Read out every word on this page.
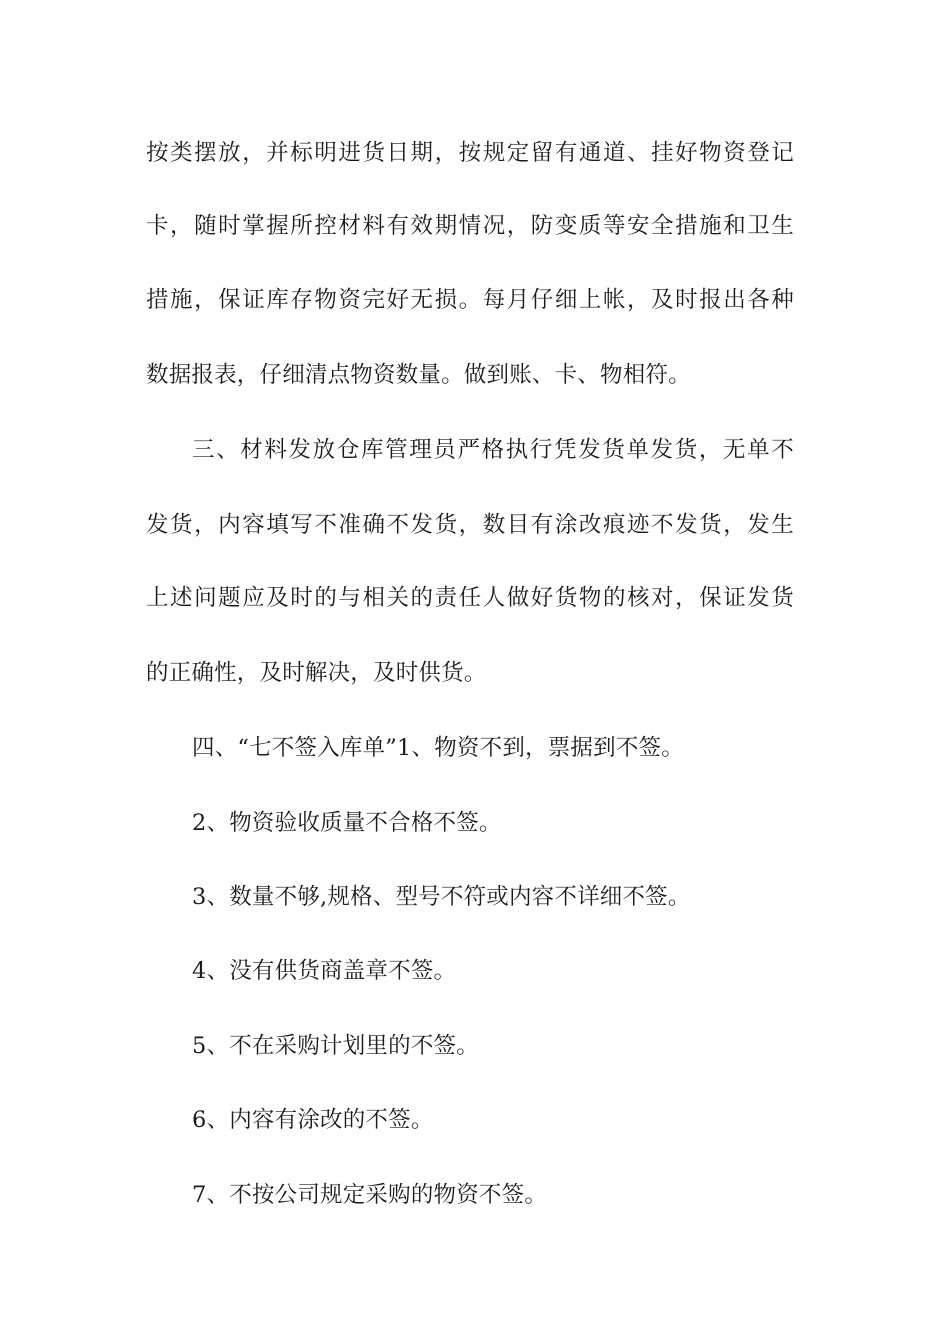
按类摆放，并标明进货日期，按规定留有通道、挂好物资登记
卡，随时掌握所控材料有效期情况，防变质等安全措施和卫生
措施，保证库存物资完好无损。每月仔细上帐，及时报出各种
数据报表，仔细清点物资数量。做到账、卡、物相符。
三、材料发放仓库管理员严格执行凭发货单发货，无单不
发货，内容填写不准确不发货，数目有涂改痕迹不发货，发生
上述问题应及时的与相关的责任人做好货物的核对，保证发货
的正确性，及时解决，及时供货。
四、“七不签入库单”1、物资不到，票据到不签。
2、物资验收质量不合格不签。
3、数量不够,规格、型号不符或内容不详细不签。
4、没有供货商盖章不签。
5、不在采购计划里的不签。
6、内容有涂改的不签。
7、不按公司规定采购的物资不签。
